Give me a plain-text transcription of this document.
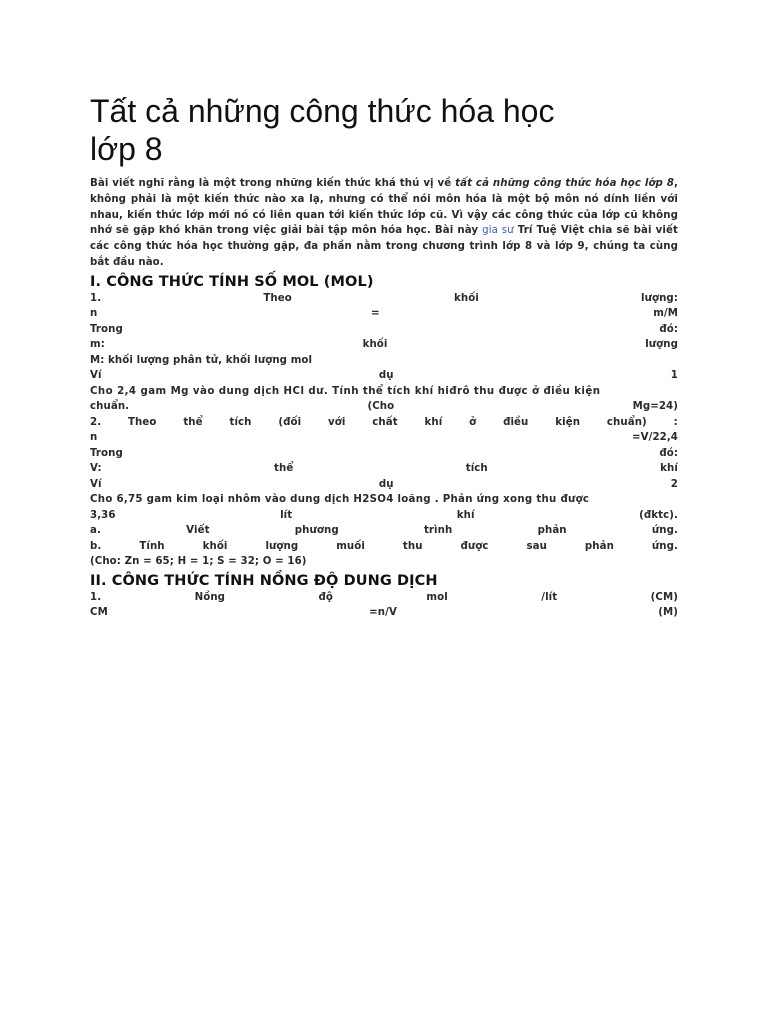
Tất cả những công thức hóa học
lớp 8

Bài viết nghĩ rằng là một trong những kiến thức khá thú vị về tất cả những công thức hóa học lớp 8, không phải là một kiến thức nào xa lạ, nhưng có thể nói môn hóa là một bộ môn nó dính liền với nhau, kiến thức lớp mới nó có liên quan tới kiến thức lớp cũ. Vì vậy các công thức của lớp cũ không nhớ sẽ gặp khó khăn trong việc giải bài tập môn hóa học. Bài này gia sư Trí Tuệ Việt chia sẽ bài viết các công thức hóa học thường gặp, đa phần nằm trong chương trình lớp 8 và lớp 9, chúng ta cùng bắt đầu nào.

I. CÔNG THỨC TÍNH SỐ MOL (MOL)
1.	Theo	khối	lượng:
n	=	m/M
Trong	đó:
m:	khối	lượng
M: khối lượng phân tử, khối lượng mol
Ví	dụ	1
Cho 2,4 gam Mg vào dung dịch HCl dư. Tính thể tích khí hiđrô thu được ở điều kiện
chuẩn.	(Cho	Mg=24)
2.	Theo	thể	tích	(đối	với	chất	khí	ở	điều	kiện	chuẩn)	:
n	=V/22,4
Trong	đó:
V:	thể	tích	khí
Ví	dụ	2
Cho 6,75 gam kim loại nhôm vào dung dịch H2SO4 loãng . Phản ứng xong thu được
3,36	lít	khí	(đktc).
a.	Viết	phương	trình	phản	ứng.
b.	Tính	khối	lượng	muối	thu	được	sau	phản	ứng.
(Cho: Zn = 65; H = 1; S = 32; O = 16)
II. CÔNG THỨC TÍNH NỒNG ĐỘ DUNG DỊCH
1.	Nồng	độ	mol	/lít	(CM)
CM	=n/V	(M)
